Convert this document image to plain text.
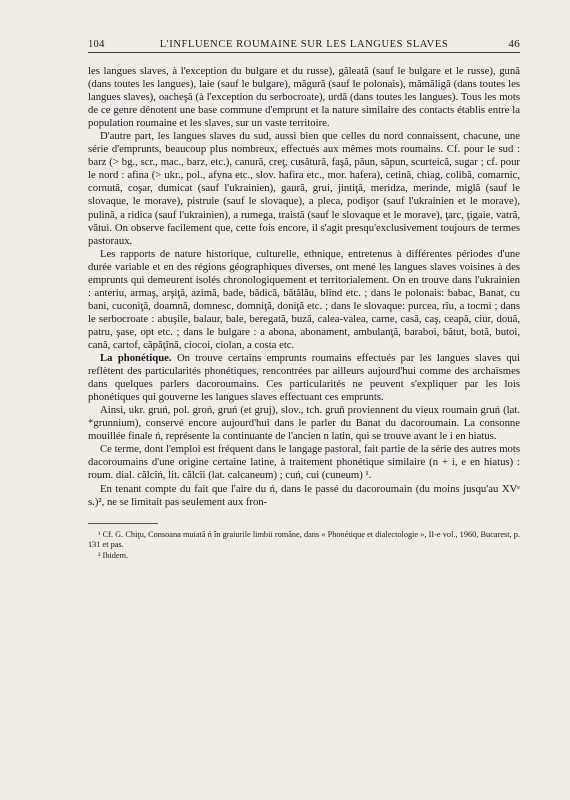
104	L'INFLUENCE ROUMAINE SUR LES LANGUES SLAVES	46

les langues slaves, à l'exception du bulgare et du russe), găleată (sauf le bulgare et le russe), gună (dans toutes les langues), laie (sauf le bulgare), măgură (sauf le polonais), mămăligă (dans toutes les langues slaves), oacheşă (à l'exception du serbocroate), urdă (dans toutes les langues). Tous les mots de ce genre dénotent une base commune d'emprunt et la nature similaire des contacts établis entre la population roumaine et les slaves, sur un vaste territoire.

D'autre part, les langues slaves du sud, aussi bien que celles du nord connaissent, chacune, une série d'emprunts, beaucoup plus nombreux, effectués aux mêmes mots roumains. Cf. pour le sud : barz (> bg., scr., mac., barz, etc.), canură, creţ, cusătură, faşă, păun, săpun, scurteică, sugar ; cf. pour le nord : afina (> ukr., pol., afyna etc., slov. hafira etc., mor. hafera), cetină, chiag, colibă, comarnic, cornută, coşar, dumicat (sauf l'ukrainien), gaură, grui, jintiţă, meridza, merinde, miglă (sauf le slovaque, le morave), pistruie (sauf le slovaque), a pleca, podişor (sauf l'ukrainien et le morave), pulină, a ridica (sauf l'ukrainien), a rumega, traistă (sauf le slovaque et le morave), ţarc, ţigaie, vatră, vătui. On observe facilement que, cette fois encore, il s'agit presqu'exclusivement toujours de termes pastoraux.

Les rapports de nature historique, culturelle, ethnique, entretenus à différentes périodes d'une durée variable et en des régions géographiques diverses, ont mené les langues slaves voisines à des emprunts qui demeurent isolés chronologiquement et territorialement. On en trouve dans l'ukrainien : anteriu, armaş, arşiţă, azimă, bade, bădică, bătălău, blînd etc. ; dans le polonais: babac, Banat, cu bani, cuconiţă, doamnă, domnesc, domniţă, doniţă etc. ; dans le slovaque: purcea, rîu, a tocmi ; dans le serbocroate : abuşile, balaur, bale, beregată, buză, calea-valea, carne, casă, caş, ceapă, ciur, două, patru, şase, opt etc. ; dans le bulgare : a abona, abonament, ambulanţă, baraboi, bătut, botă, butoi, cană, cartof, căpăţînă, ciocoi, ciolan, a costa etc.

La phonétique. On trouve certains emprunts roumains effectués par les langues slaves qui reflètent des particularités phonétiques, rencontrées par ailleurs aujourd'hui comme des archaïsmes dans quelques parlers dacoroumains. Ces particularités ne peuvent s'expliquer par les lois phonétiques qui gouverne les langues slaves effectuant ces emprunts.

Ainsi, ukr. gruń, pol. groń, gruń (et gruj), slov., tch. gruň proviennent du vieux roumain gruń (lat. *grunnium), conservé encore aujourd'hui dans le parler du Banat du dacoroumain. La consonne mouillée finale ń, représente la continuante de l'ancien n latin, qui se trouve avant le i en hiatus.

Ce terme, dont l'emploi est fréquent dans le langage pastoral, fait partie de la série des autres mots dacoroumains d'une origine certaine latine, à traitement phonétique similaire (n + i, e en hiatus) : roum. dial. călcîń, lit. călcîi (lat. calcaneum) ; cuń, cui (cuneum) ¹.

En tenant compte du fait que l'aire du ń, dans le passé du dacoroumain (du moins jusqu'au XVᵉ s.)², ne se limitait pas seulement aux fron-

¹ Cf. G. Chiţu, Consoana muiată ń în graiurile limbii române, dans « Phonétique et dialectologie », II-e vol., 1960, Bucarest, p. 131 et pas.

² Ibidem.
